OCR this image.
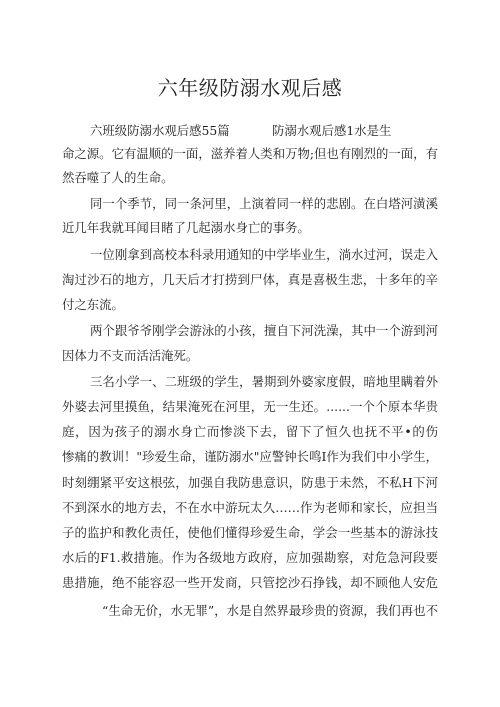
六年级防溺水观后感
六班级防溺水观后感55篇	防溺水观后感1水是生
命之源。它有温顺的一面，滋养着人类和万物;但也有刚烈的一面，有
然吞噬了人的生命。
同一个季节，同一条河里，上演着同一样的悲剧。在白塔河潢溪
近几年我就耳闻目睹了几起溺水身亡的事务。
一位刚拿到高校本科录用通知的中学毕业生，淌水过河，误走入
淘过沙石的地方，几天后才打捞到尸体，真是喜极生悲，十多年的辛
付之东流。
两个跟爷爷刚学会游泳的小孩，擅自下河洗澡，其中一个游到河
因体力不支而活活淹死。
三名小学一、二班级的学生，暑期到外婆家度假，暗地里瞒着外
外婆去河里摸鱼，结果淹死在河里，无一生还。......一个个原本华贵
庭，因为孩子的溺水身亡而惨淡下去，留下了恒久也抚不平•的伤
惨痛的教训！"珍爱生命，谨防溺水"应警钟长鸣I作为我们中小学生，
时刻绷紧平安这根弦，加强自我防患意识，防患于未然，不私H下河
不到深水的地方去，不在水中游玩太久……作为老师和家长，应担当
子的监护和教化责任，使他们懂得珍爱生命，学会一些基本的游泳技
水后的F1.救措施。作为各级地方政府，应加强勘察，对危急河段要
患措施，绝不能容忍一些开发商，只管挖沙石挣钱，却不顾他人安危
“生命无价，水无罪”，水是自然界最珍贵的资源，我们再也不
